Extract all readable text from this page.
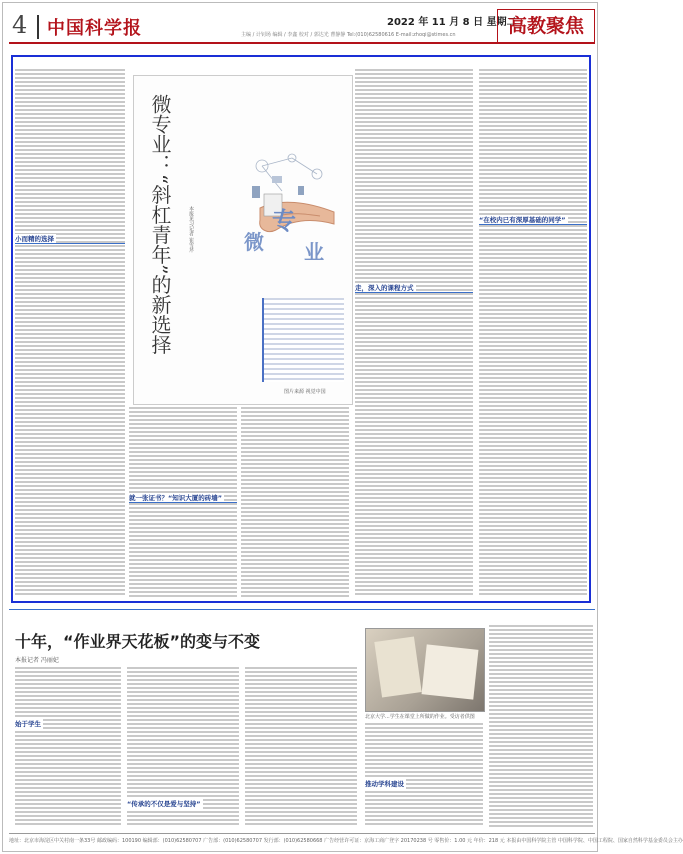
4 中国科学报	2022 年 11 月 8 日 星期二
主编 / 计钊场 编辑 / 李鑫 校对 / 郭达光 曹静静 Tel:(010)62580616 E-mail:zhoqi@stimes.cn	高教聚焦
小而精的选择
就一张证书？“知识大厦的砖墙”
走，深入的课程方式
“在校内已有深厚基础的同学”
微专业：“斜杠青年”的新选择	本报见习记者 崔雪芹	微
专
业
图片来源 视觉中国
十年，“作业界天花板”的变与不变
本报记者 冯丽妃
始于学生
“传承的不仅是爱与坚持”
推动学科建设
北京大学...学生在课堂上所做的作业。受访者供图
地址：北京市海淀区中关村南一条33号 邮政编码：100190 编辑部：(010)62580707 广告部：(010)62580707 发行部：(010)62580668 广告经营许可证：京海工商广登字 20170238 号 零售价：1.00 元 年价：218 元 本报由中国科学院主管 中国科学院、中国工程院、国家自然科学基金委员会主办
